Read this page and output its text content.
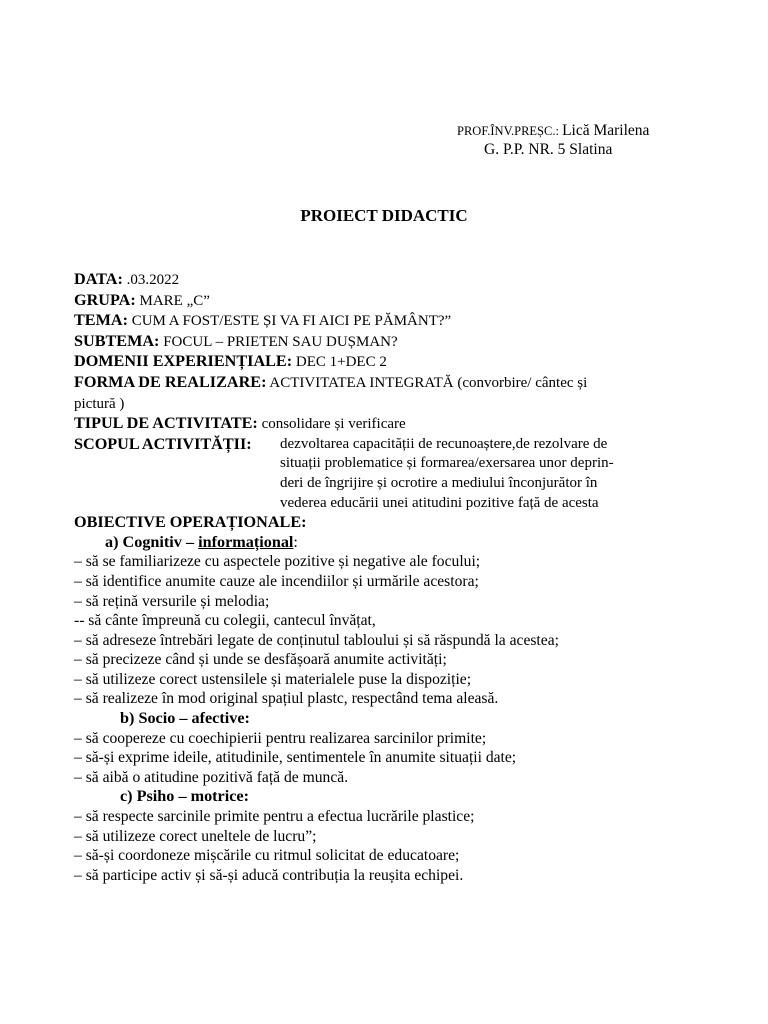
PROF.ÎNV.PREȘC.: Lică Marilena
G. P.P. NR. 5 Slatina
PROIECT DIDACTIC
DATA: .03.2022
GRUPA: MARE „C”
TEMA: CUM A FOST/ESTE ȘI VA FI AICI PE PĂMÂNT?”
SUBTEMA: FOCUL – PRIETEN SAU DUȘMAN?
DOMENII EXPERIENȚIALE: DEC 1+DEC 2
FORMA DE REALIZARE: ACTIVITATEA INTEGRATĂ (convorbire/ cântec și
pictură )
TIPUL DE ACTIVITATE: consolidare și verificare
SCOPUL ACTIVITĂȚII: dezvoltarea capacității de recunoaștere,de rezolvare de
situații problematice și formarea/exersarea unor deprin-
deri de îngrijire și ocrotire a mediului înconjurător în
vederea educării unei atitudini pozitive față de acesta
OBIECTIVE OPERAȚIONALE:
a) Cognitiv – informațional:
– să se familiarizeze cu aspectele pozitive și negative ale focului;
– să identifice anumite cauze ale incendiilor și urmările acestora;
– să rețină versurile și melodia;
-- să cânte împreună cu colegii, cantecul învățat,
– să adreseze întrebări legate de conținutul tabloului și să răspundă la acestea;
– să precizeze când și unde se desfășoară anumite activități;
– să utilizeze corect ustensilele și materialele puse la dispoziție;
– să realizeze în mod original spațiul plastc, respectând tema aleasă.
b) Socio – afective:
– să coopereze cu coechipierii pentru realizarea sarcinilor primite;
– să-și exprime ideile, atitudinile, sentimentele în anumite situații date;
– să aibă o atitudine pozitivă față de muncă.
c) Psiho – motrice:
– să respecte sarcinile primite pentru a efectua lucrările plastice;
– să utilizeze corect uneltele de lucru”;
– să-și coordoneze mișcările cu ritmul solicitat de educatoare;
– să participe activ și să-și aducă contribuția la reușita echipei.
